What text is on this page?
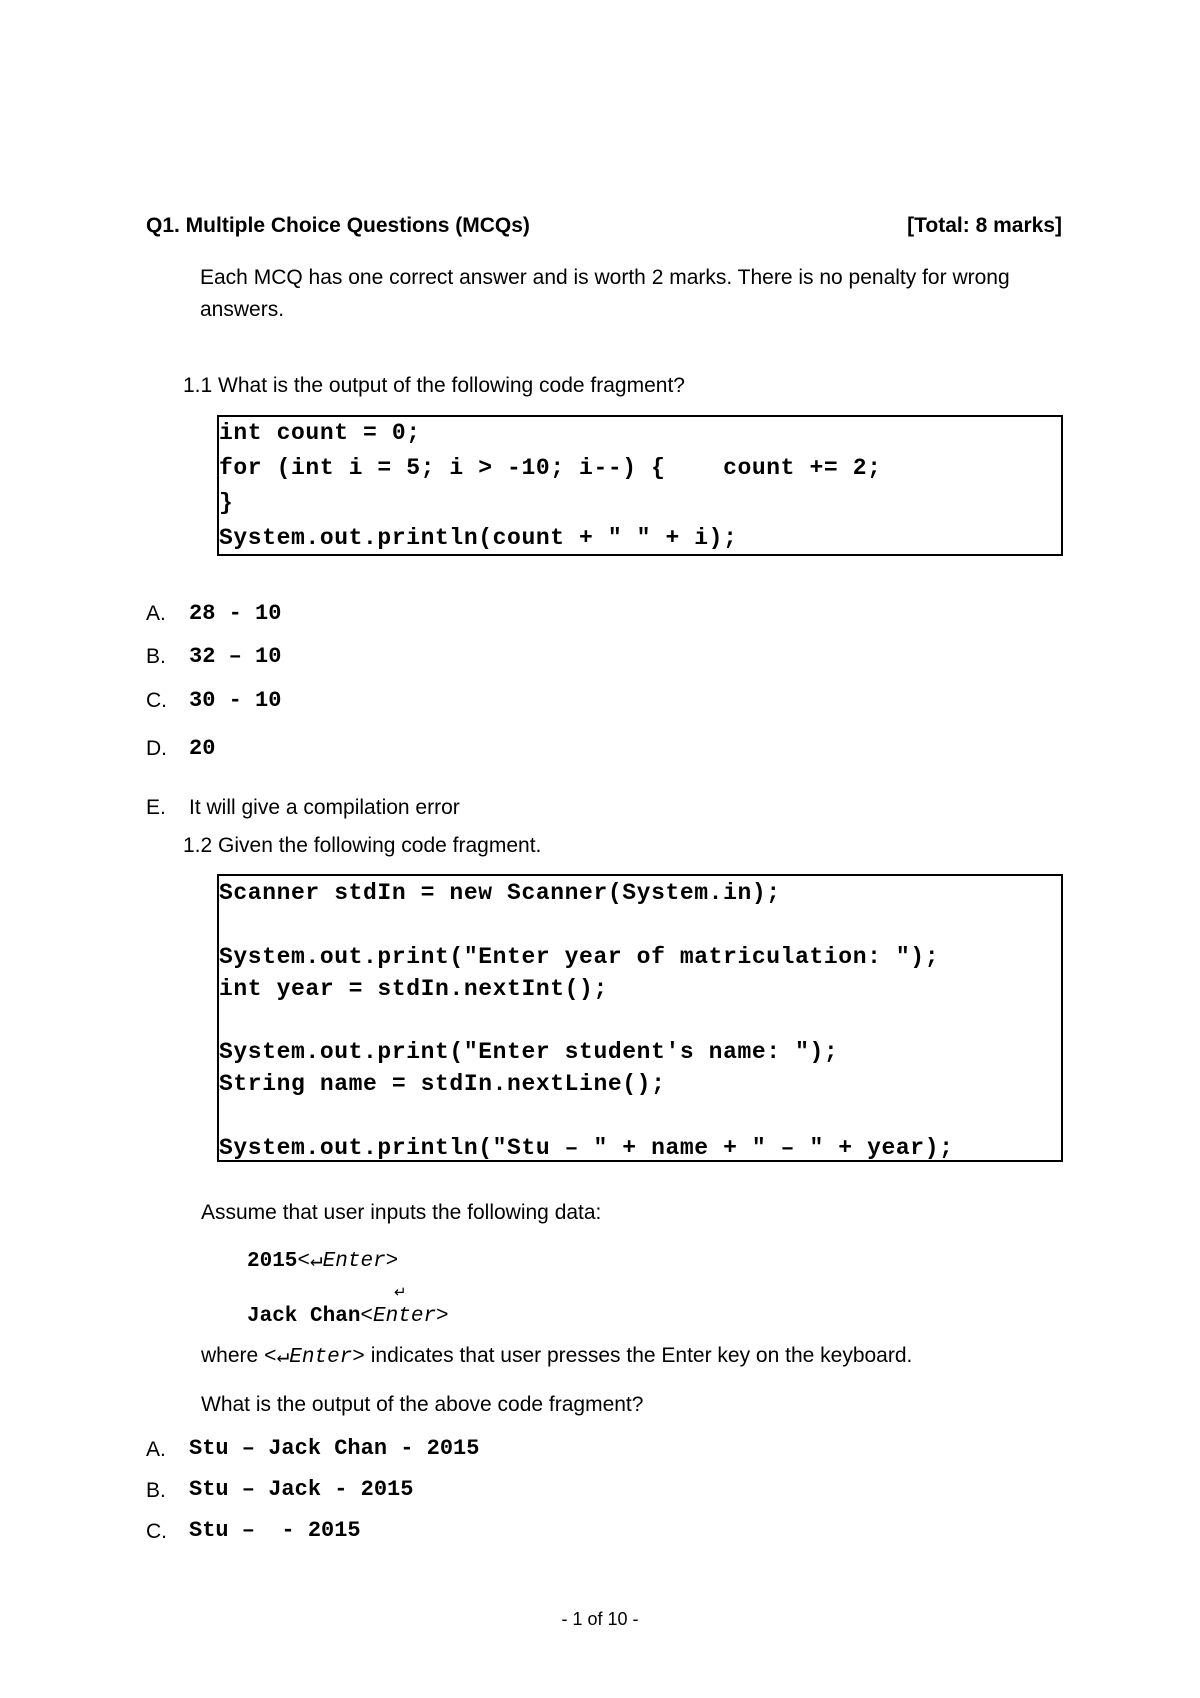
Q1. Multiple Choice Questions (MCQs)	[Total: 8 marks]
Each MCQ has one correct answer and is worth 2 marks. There is no penalty for wrong answers.
1.1 What is the output of the following code fragment?
int count = 0;
for (int i = 5; i > -10; i--) {    count += 2;
}
System.out.println(count + " " + i);
A. 28 - 10
B. 32 – 10
C. 30 - 10
D. 20
E. It will give a compilation error
1.2 Given the following code fragment.
Scanner stdIn = new Scanner(System.in);
System.out.print("Enter year of matriculation: ");
int year = stdIn.nextInt();
System.out.print("Enter student's name: ");
String name = stdIn.nextLine();
System.out.println("Stu – " + name + " – " + year);
Assume that user inputs the following data:
2015<↵Enter>
Jack Chan<Enter>
↵
where <↵Enter> indicates that user presses the Enter key on the keyboard.
What is the output of the above code fragment?
A. Stu – Jack Chan - 2015
B. Stu – Jack - 2015
C. Stu –  - 2015
- 1 of 10 -
